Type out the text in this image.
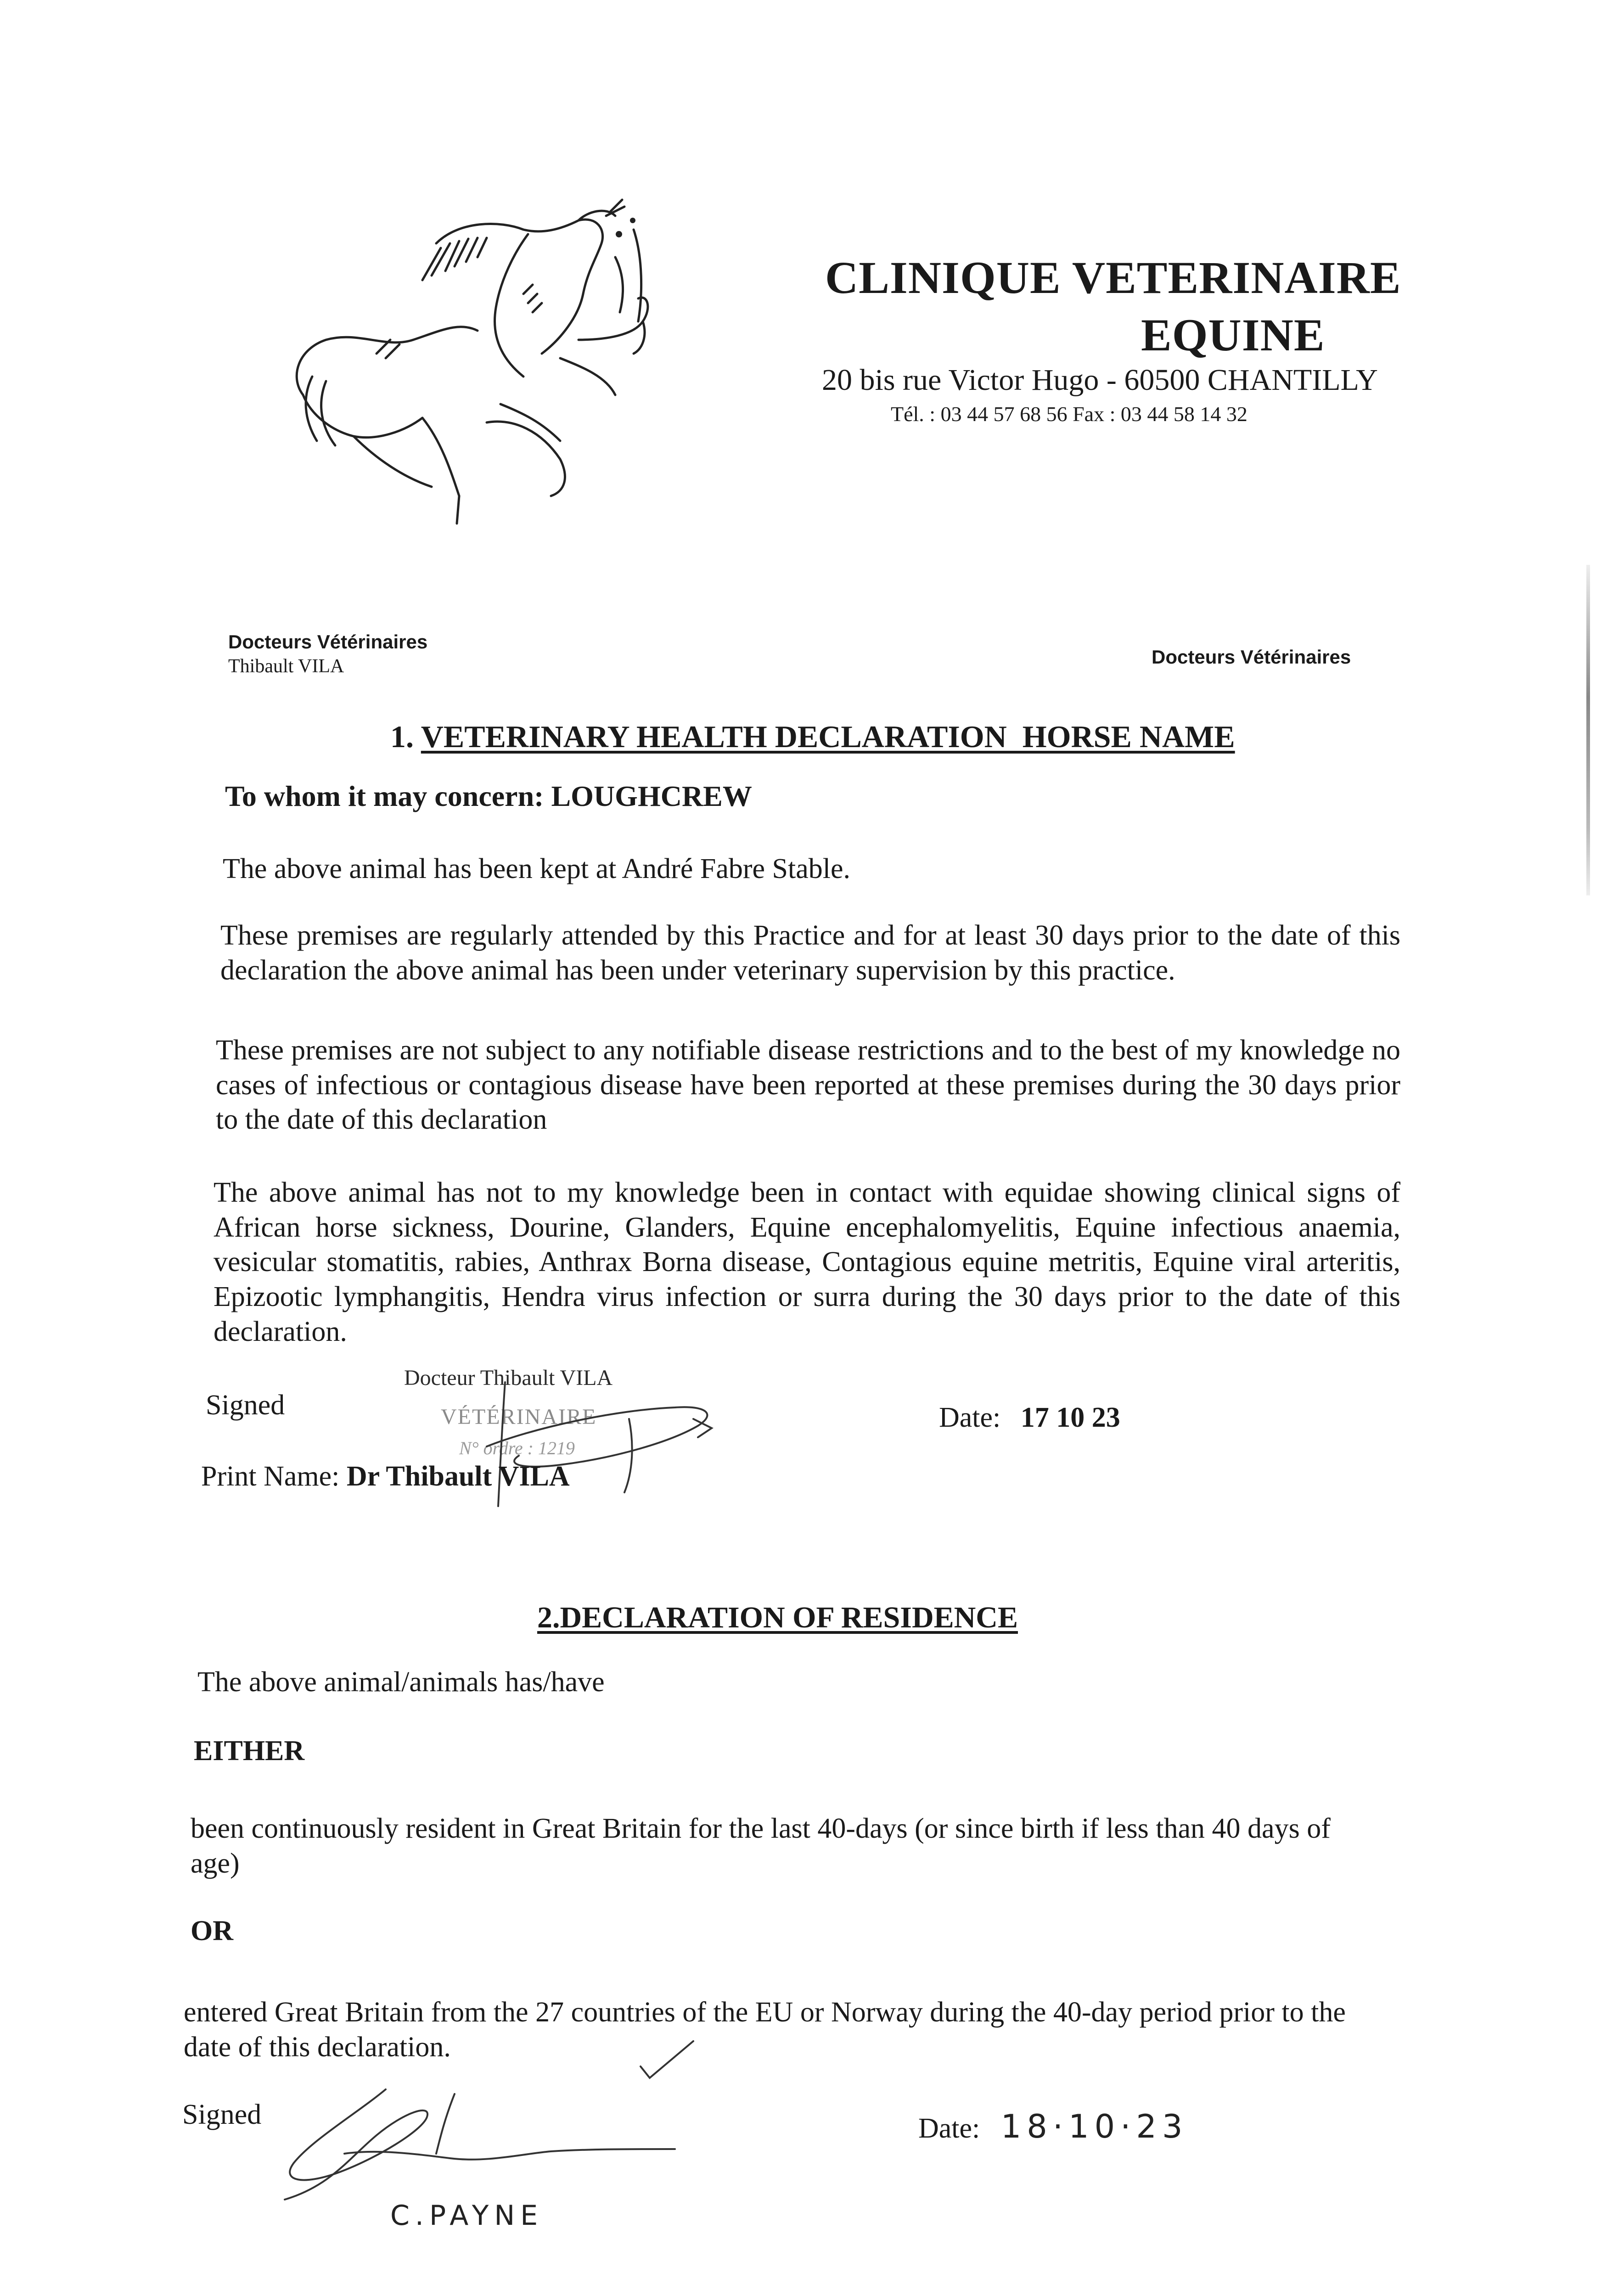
CLINIQUE VETERINAIRE
EQUINE
20 bis rue Victor Hugo - 60500 CHANTILLY
Tél. : 03 44 57 68 56 Fax : 03 44 58 14 32
Docteurs Vétérinaires
Thibault VILA	Docteurs Vétérinaires
1. VETERINARY HEALTH DECLARATION  HORSE NAME
To whom it may concern: LOUGHCREW

The above animal has been kept at André Fabre Stable.

These premises are regularly attended by this Practice and for at least 30 days prior to the date of this declaration the above animal has been under veterinary supervision by this practice.

These premises are not subject to any notifiable disease restrictions and to the best of my knowledge no cases of infectious or contagious disease have been reported at these premises during the 30 days prior to the date of this declaration

The above animal has not to my knowledge been in contact with equidae showing clinical signs of African horse sickness, Dourine, Glanders, Equine encephalomyelitis, Equine infectious anaemia, vesicular stomatitis, rabies, Anthrax Borna disease, Contagious equine metritis, Equine viral arteritis, Epizootic lymphangitis, Hendra virus infection or surra during the 30 days prior to the date of this declaration.

Docteur Thibault VILA
VÉTÉRINAIRE
N° ordre : 1219
Signed	Date: 17 10 23
Print Name: Dr Thibault VILA
2.DECLARATION OF RESIDENCE
The above animal/animals has/have
EITHER

been continuously resident in Great Britain for the last 40-days (or since birth if less than 40 days of age)

OR

entered Great Britain from the 27 countries of the EU or Norway during the 40-day period prior to the date of this declaration.

Signed
C.PAYNE
Date: 18·10·23
